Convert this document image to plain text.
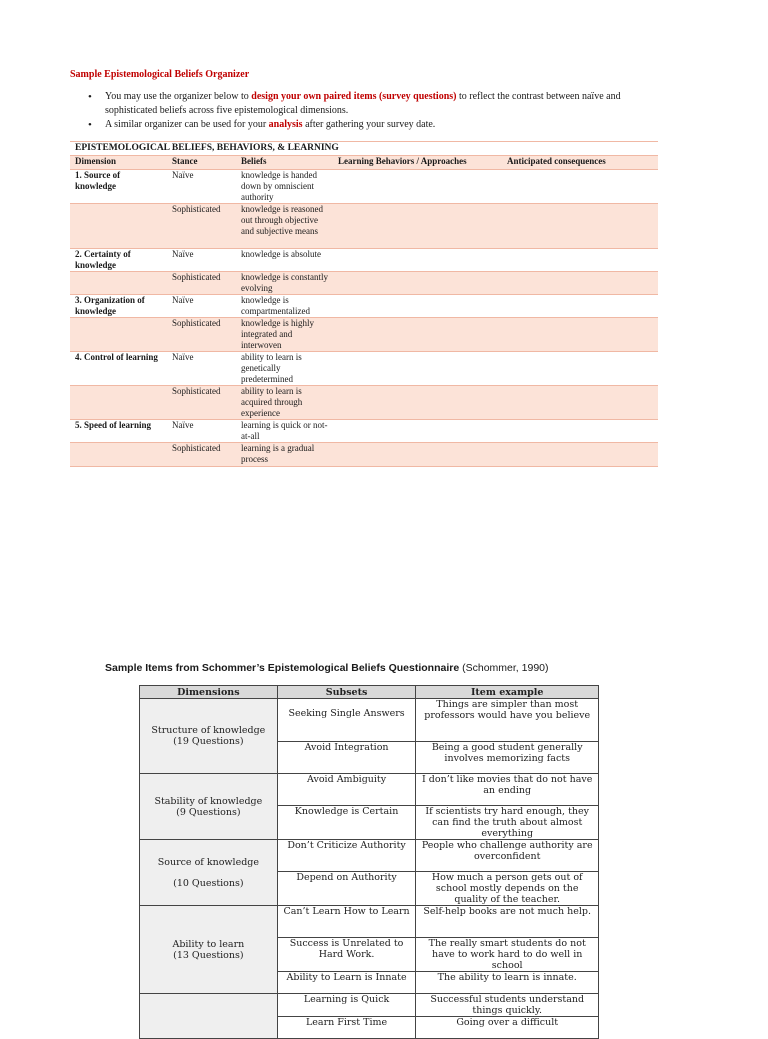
Sample Epistemological Beliefs Organizer
• You may use the organizer below to design your own paired items (survey questions) to reflect the contrast between naïve and sophisticated beliefs across five epistemological dimensions.
• A similar organizer can be used for your analysis after gathering your survey date.
EPISTEMOLOGICAL BELIEFS, BEHAVIORS, & LEARNING				
Dimension	Stance	Beliefs	Learning Behaviors / Approaches	Anticipated consequences
1. Source of knowledge	Naïve	knowledge is handed down by omniscient authority		
	Sophisticated	knowledge is reasoned out through objective and subjective means		
2. Certainty of knowledge	Naïve	knowledge is absolute		
	Sophisticated	knowledge is constantly evolving		
3. Organization of knowledge	Naïve	knowledge is compartmentalized		
	Sophisticated	knowledge is highly integrated and interwoven		
4. Control of learning	Naïve	ability to learn is genetically predetermined		
	Sophisticated	ability to learn is acquired through experience		
5. Speed of learning	Naïve	learning is quick or not-at-all		
	Sophisticated	learning is a gradual process		
Sample Items from Schommer’s Epistemological Beliefs Questionnaire (Schommer, 1990)
Dimensions	Subsets	Item example

Structure of knowledge
(19 Questions)	Seeking Single Answers	Things are simpler than most professors would have you believe
	Avoid Integration	Being a good student generally involves memorizing facts

Stability of knowledge
(9 Questions)	Avoid Ambiguity	I don’t like movies that do not have an ending
	Knowledge is Certain	If scientists try hard enough, they can find the truth about almost everything

Source of knowledge
(10 Questions)	Don’t Criticize Authority	People who challenge authority are overconfident
	Depend on Authority	How much a person gets out of school mostly depends on the quality of the teacher.

Ability to learn
(13 Questions)	Can’t Learn How to Learn	Self-help books are not much help.
	Success is Unrelated to Hard Work.	The really smart students do not have to work hard to do well in school
	Ability to Learn is Innate	The ability to learn is innate.

	Learning is Quick	Successful students understand things quickly.
	Learn First Time	Going over a difficult
